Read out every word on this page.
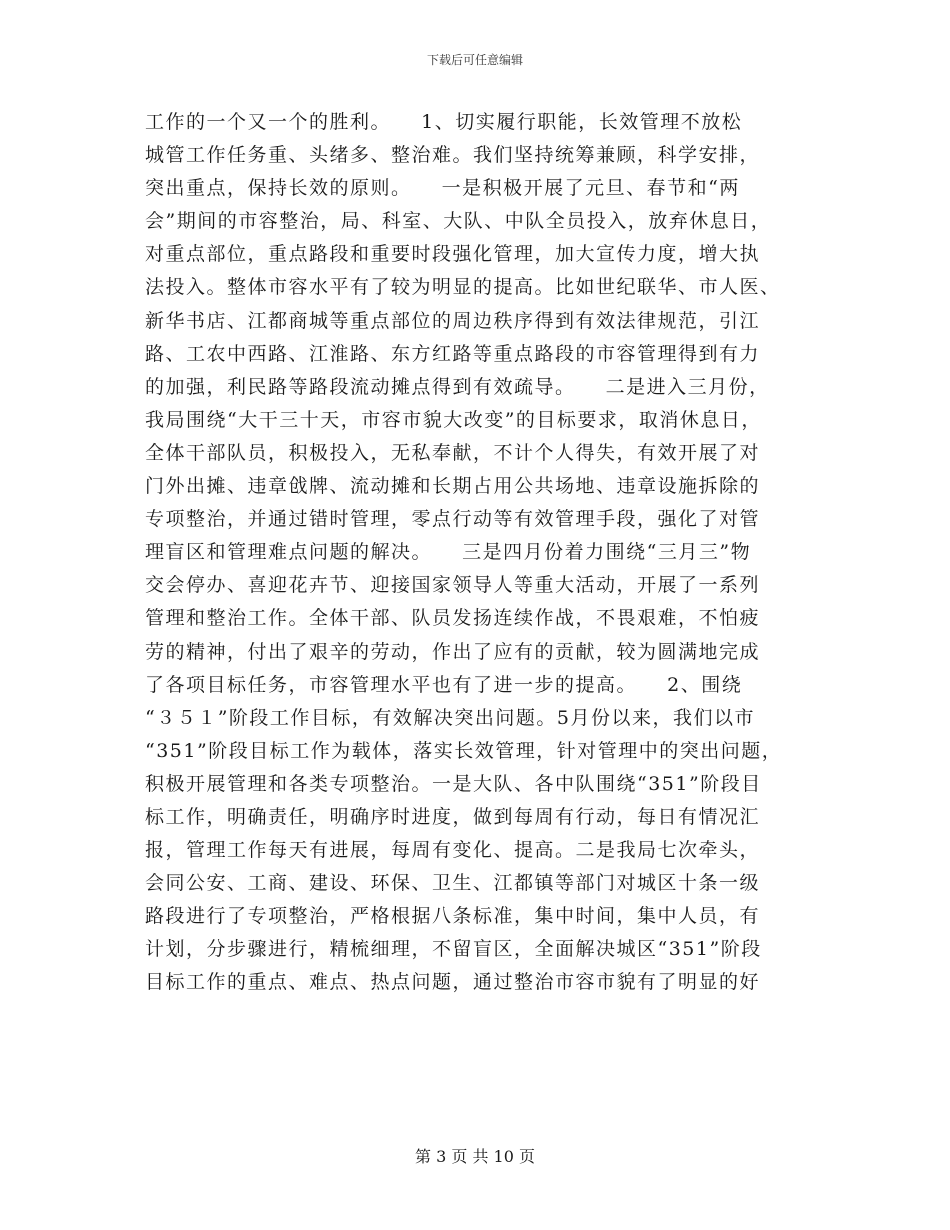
下载后可任意编辑
工作的一个又一个的胜利。    1、切实履行职能，长效管理不放松
城管工作任务重、头绪多、整治难。我们坚持统筹兼顾，科学安排，
突出重点，保持长效的原则。    一是积极开展了元旦、春节和“两
会”期间的市容整治，局、科室、大队、中队全员投入，放弃休息日，
对重点部位，重点路段和重要时段强化管理，加大宣传力度，增大执
法投入。整体市容水平有了较为明显的提高。比如世纪联华、市人医、
新华书店、江都商城等重点部位的周边秩序得到有效法律规范，引江
路、工农中西路、江淮路、东方红路等重点路段的市容管理得到有力
的加强，利民路等路段流动摊点得到有效疏导。    二是进入三月份，
我局围绕“大干三十天，市容市貌大改变”的目标要求，取消休息日，
全体干部队员，积极投入，无私奉献，不计个人得失，有效开展了对
门外出摊、违章戗牌、流动摊和长期占用公共场地、违章设施拆除的
专项整治，并通过错时管理，零点行动等有效管理手段，强化了对管
理盲区和管理难点问题的解决。    三是四月份着力围绕“三月三”物
交会停办、喜迎花卉节、迎接国家领导人等重大活动，开展了一系列
管理和整治工作。全体干部、队员发扬连续作战，不畏艰难，不怕疲
劳的精神，付出了艰辛的劳动，作出了应有的贡献，较为圆满地完成
了各项目标任务，市容管理水平也有了进一步的提高。    2、围绕
“３５１”阶段工作目标，有效解决突出问题。5月份以来，我们以市
“351”阶段目标工作为载体，落实长效管理，针对管理中的突出问题，
积极开展管理和各类专项整治。一是大队、各中队围绕“351”阶段目
标工作，明确责任，明确序时进度，做到每周有行动，每日有情况汇
报，管理工作每天有进展，每周有变化、提高。二是我局七次牵头，
会同公安、工商、建设、环保、卫生、江都镇等部门对城区十条一级
路段进行了专项整治，严格根据八条标准，集中时间，集中人员，有
计划，分步骤进行，精梳细理，不留盲区，全面解决城区“351”阶段
目标工作的重点、难点、热点问题，通过整治市容市貌有了明显的好
第 3 页 共 10 页
